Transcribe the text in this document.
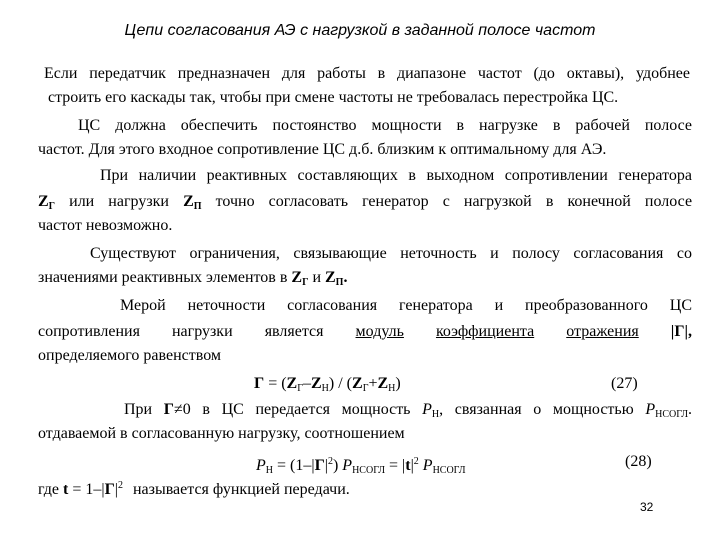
Цепи согласования АЭ с нагрузкой в заданной полосе частот
Если передатчик предназначен для работы в диапазоне частот (до октавы), удобнее
строить его каскады так, чтобы при смене частоты не требовалась перестройка ЦС.
ЦС должна обеспечить постоянство мощности в нагрузке в рабочей полосе
частот. Для этого входное сопротивление ЦС д.б. близким к оптимальному для АЭ.
При наличии реактивных составляющих в выходном сопротивлении генератора
$Z_Г$ или нагрузки $Z_П$ точно согласовать генератор с нагрузкой в конечной полосе
частот невозможно.
Существуют ограничения, связывающие неточность и полосу согласования со
значениями реактивных элементов в $Z_Г$ и $Z_П$.
Мерой неточности согласования генератора и преобразованного ЦС
сопротивления нагрузки является модуль коэффициента отражения |Γ|,
определяемого равенством
$Г = (Z_Г-Z_Н) / (Z_Г+Z_Н)$	(27)
При Г≠0 в ЦС передается мощность $P_Н$, связанная о мощностью $P_{НСОГЛ}$.
отдаваемой в согласованную нагрузку, соотношением
$P_Н = (1-|Г|^2) P_{НСОГЛ} = |t|^2$ $P_{НСОГЛ}$
(28)
где $t = 1-|Г|^2$ называется функцией передачи.
32
